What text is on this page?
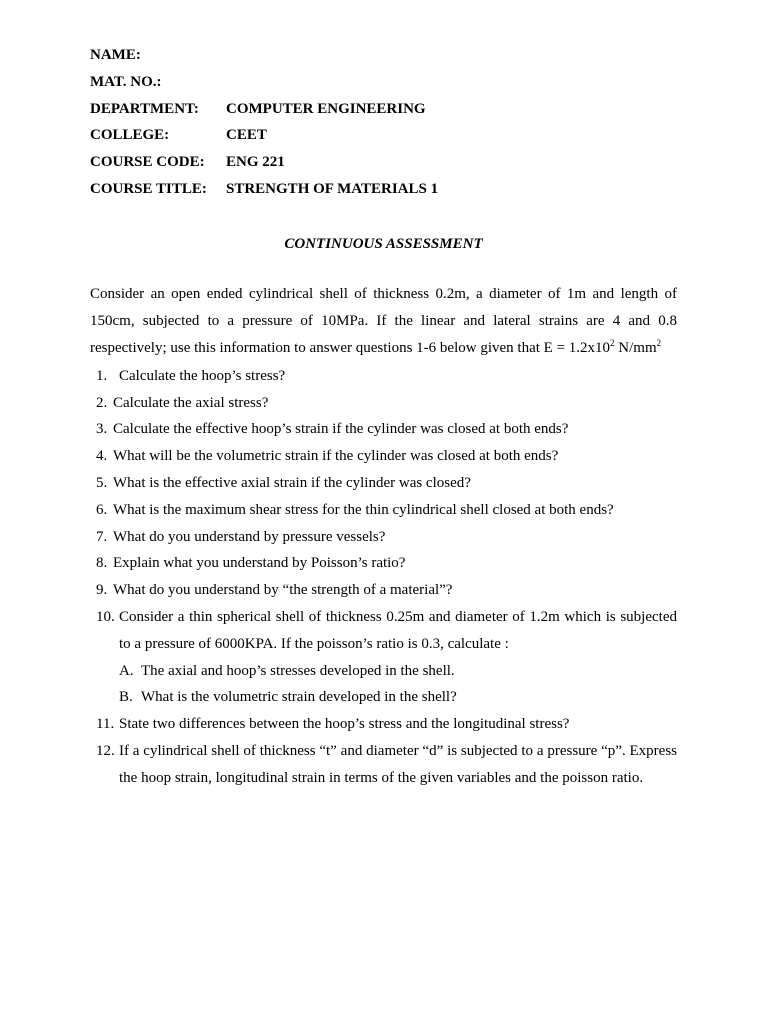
NAME:
MAT. NO.:
DEPARTMENT:	COMPUTER ENGINEERING
COLLEGE:	CEET
COURSE CODE:	ENG 221
COURSE TITLE:	STRENGTH OF MATERIALS 1
CONTINUOUS ASSESSMENT

Consider an open ended cylindrical shell of thickness 0.2m, a diameter of 1m and length of 150cm, subjected to a pressure of 10MPa. If the linear and lateral strains are 4 and 0.8 respectively; use this information to answer questions 1-6 below given that $E = 1.2x10^2$ $N/mm^2$

1. Calculate the hoop’s stress?
2. Calculate the axial stress?
3. Calculate the effective hoop’s strain if the cylinder was closed at both ends?
4. What will be the volumetric strain if the cylinder was closed at both ends?
5. What is the effective axial strain if the cylinder was closed?
6. What is the maximum shear stress for the thin cylindrical shell closed at both ends?
7. What do you understand by pressure vessels?
8. Explain what you understand by Poisson’s ratio?
9. What do you understand by “the strength of a material”?
10. Consider a thin spherical shell of thickness 0.25m and diameter of 1.2m which is subjected to a pressure of 6000KPA. If the poisson’s ratio is 0.3, calculate :
A. The axial and hoop’s stresses developed in the shell.
B. What is the volumetric strain developed in the shell?
11. State two differences between the hoop’s stress and the longitudinal stress?
12. If a cylindrical shell of thickness “t” and diameter “d” is subjected to a pressure “p”. Express the hoop strain, longitudinal strain in terms of the given variables and the poisson ratio.
